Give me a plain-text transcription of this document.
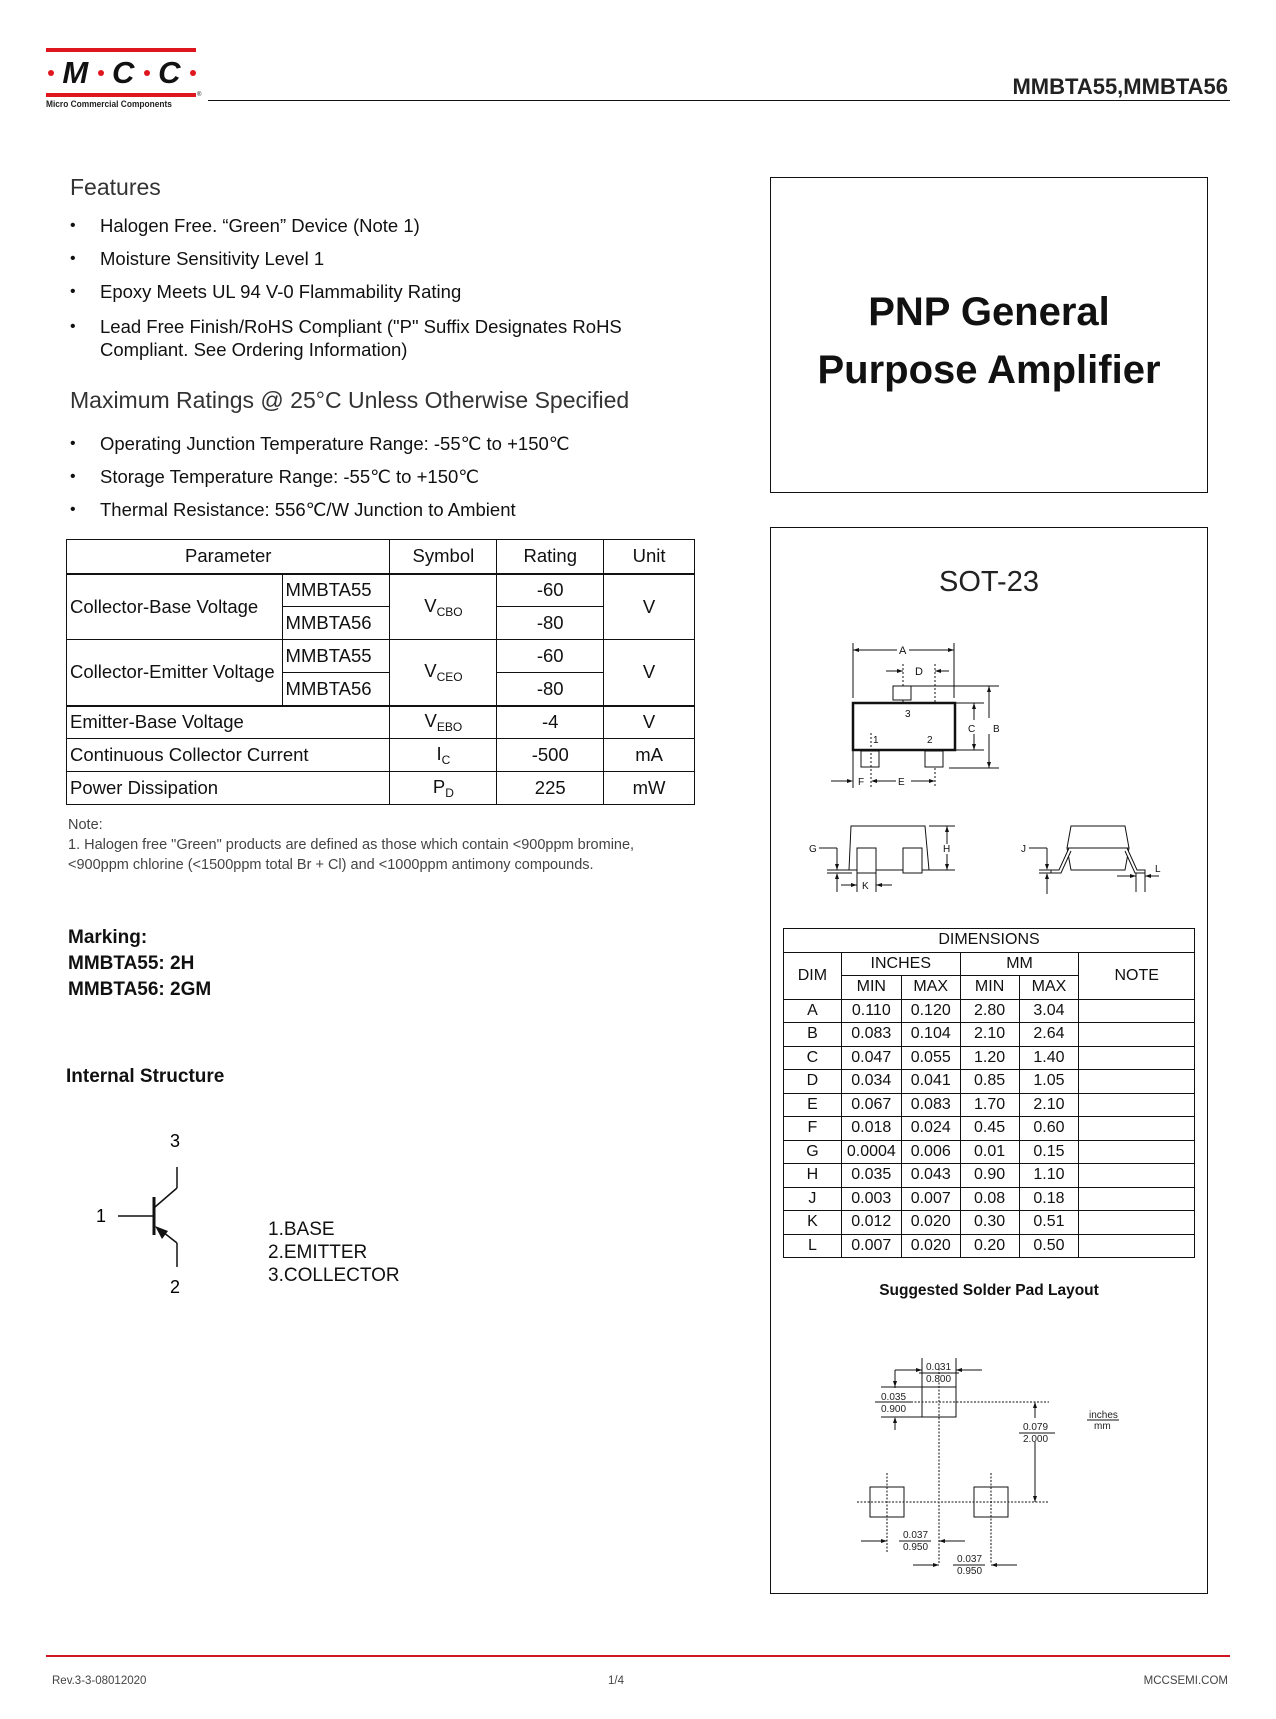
M C C
®
Micro Commercial Components
MMBTA55,MMBTA56
Features
• Halogen Free. “Green” Device (Note 1)
• Moisture Sensitivity Level 1
• Epoxy Meets UL 94 V-0 Flammability Rating
• Lead Free Finish/RoHS Compliant ("P" Suffix Designates RoHS Compliant. See Ordering Information)
Maximum Ratings @ 25°C Unless Otherwise Specified
• Operating Junction Temperature Range: -55℃ to +150℃
• Storage Temperature Range: -55℃ to +150℃
• Thermal Resistance: 556℃/W Junction to Ambient
Parameter		Symbol	Rating	Unit
Collector-Base Voltage	MMBTA55	$V_{CBO}$	-60	V
	MMBTA56		-80	
Collector-Emitter Voltage	MMBTA55	$V_{CEO}$	-60	V
	MMBTA56		-80	
Emitter-Base Voltage		$V_{EBO}$	-4	V
Continuous Collector Current		$I_C$	-500	mA
Power Dissipation		$P_D$	225	mW
Note:
1. Halogen free "Green" products are defined as those which contain <900ppm bromine,
<900ppm chlorine (<1500ppm total Br + Cl) and <1000ppm antimony compounds.
Marking:
MMBTA55: 2H
MMBTA56: 2GM
Internal Structure
3
1
2
1.BASE
2.EMITTER
3.COLLECTOR
PNP General
Purpose Amplifier
SOT-23
A
D
C B
F	E
1	2
3
G	H
K
J
L
DIMENSIONS					
DIM	INCHES		MM		NOTE
	MIN	MAX	MIN	MAX	
A	0.110	0.120	2.80	3.04	
B	0.083	0.104	2.10	2.64	
C	0.047	0.055	1.20	1.40	
D	0.034	0.041	0.85	1.05	
E	0.067	0.083	1.70	2.10	
F	0.018	0.024	0.45	0.60	
G	0.0004	0.006	0.01	0.15	
H	0.035	0.043	0.90	1.10	
J	0.003	0.007	0.08	0.18	
K	0.012	0.020	0.30	0.51	
L	0.007	0.020	0.20	0.50	
Suggested Solder Pad Layout
0.031
0.800
0.035
0.900
0.079
2.000
0.037
0.950
0.037
0.950
inches
mm
Rev.3-3-08012020	1/4	MCCSEMI.COM
